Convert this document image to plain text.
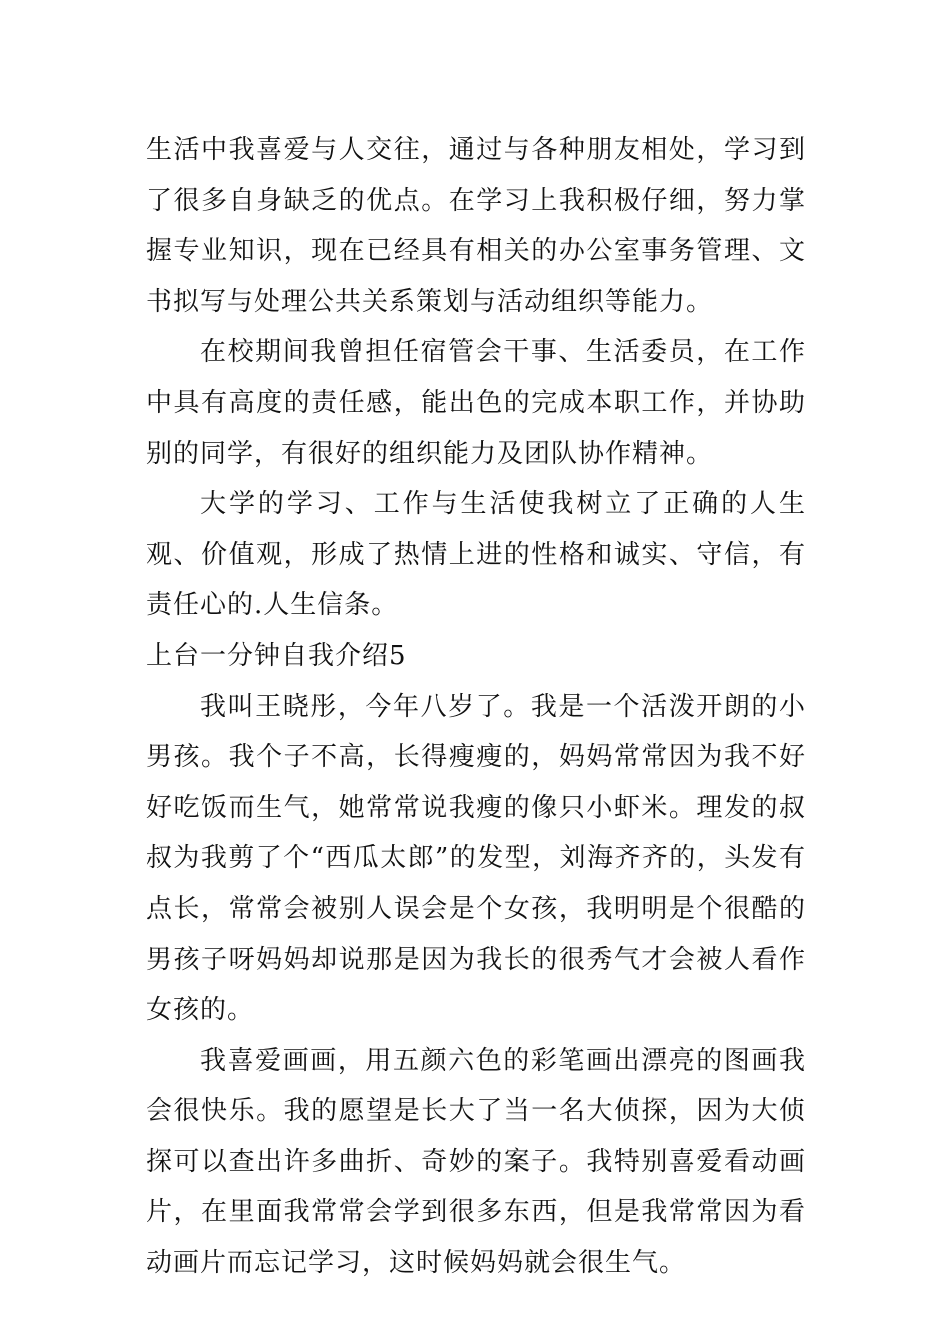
生活中我喜爱与人交往，通过与各种朋友相处，学习到了很多自身缺乏的优点。在学习上我积极仔细，努力掌握专业知识，现在已经具有相关的办公室事务管理、文书拟写与处理公共关系策划与活动组织等能力。

在校期间我曾担任宿管会干事、生活委员，在工作中具有高度的责任感，能出色的完成本职工作，并协助别的同学，有很好的组织能力及团队协作精神。

大学的学习、工作与生活使我树立了正确的人生观、价值观，形成了热情上进的性格和诚实、守信，有责任心的.人生信条。

上台一分钟自我介绍5

我叫王晓彤，今年八岁了。我是一个活泼开朗的小男孩。我个子不高，长得瘦瘦的，妈妈常常因为我不好好吃饭而生气，她常常说我瘦的像只小虾米。理发的叔叔为我剪了个“西瓜太郎”的发型，刘海齐齐的，头发有点长，常常会被别人误会是个女孩，我明明是个很酷的男孩子呀妈妈却说那是因为我长的很秀气才会被人看作女孩的。

我喜爱画画，用五颜六色的彩笔画出漂亮的图画我会很快乐。我的愿望是长大了当一名大侦探，因为大侦探可以查出许多曲折、奇妙的案子。我特别喜爱看动画片，在里面我常常会学到很多东西，但是我常常因为看动画片而忘记学习，这时候妈妈就会很生气。
